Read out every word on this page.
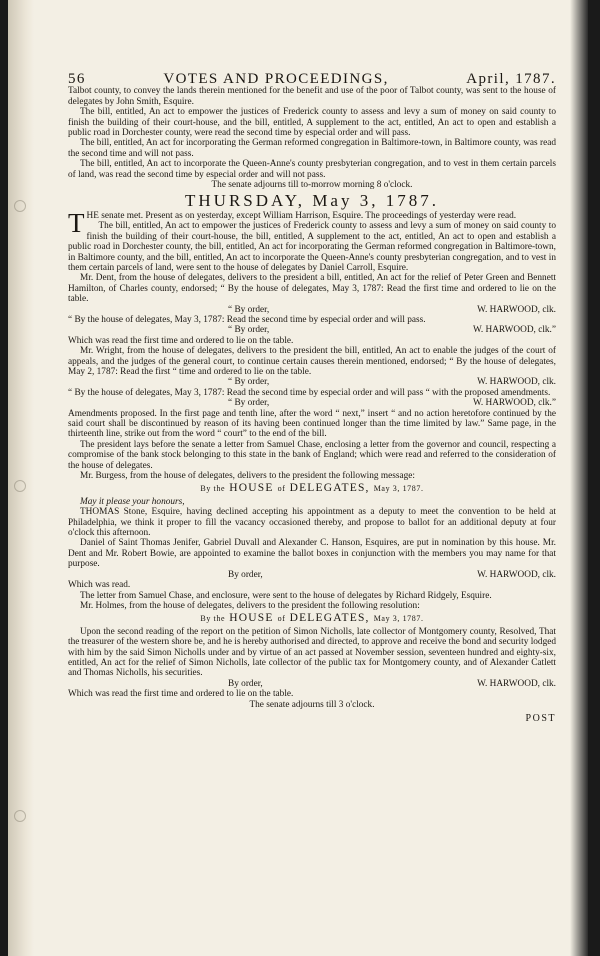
56	VOTES AND PROCEEDINGS,	April, 1787.

Talbot county, to convey the lands therein mentioned for the benefit and use of the poor of Talbot county, was sent to the house of delegates by John Smith, Esquire.

The bill, entitled, An act to empower the justices of Frederick county to assess and levy a sum of money on said county to finish the building of their court-house, and the bill, entitled, A supplement to the act, entitled, An act to open and establish a public road in Dorchester county, were read the second time by especial order and will pass.

The bill, entitled, An act for incorporating the German reformed congregation in Baltimore-town, in Baltimore county, was read the second time and will not pass.

The bill, entitled, An act to incorporate the Queen-Anne's county presbyterian congregation, and to vest in them certain parcels of land, was read the second time by especial order and will not pass.

The senate adjourns till to-morrow morning 8 o'clock.

THURSDAY, May 3, 1787.

T HE senate met. Present as on yesterday, except William Harrison, Esquire. The proceedings of yesterday were read.

The bill, entitled, An act to empower the justices of Frederick county to assess and levy a sum of money on said county to finish the building of their court-house, the bill, entitled, A supplement to the act, entitled, An act to open and establish a public road in Dorchester county, the bill, entitled, An act for incorporating the German reformed congregation in Baltimore-town, in Baltimore county, and the bill, entitled, An act to incorporate the Queen-Anne's county presbyterian congregation, and to vest in them certain parcels of land, were sent to the house of delegates by Daniel Carroll, Esquire.

Mr. Dent, from the house of delegates, delivers to the president a bill, entitled, An act for the relief of Peter Green and Bennett Hamilton, of Charles county, endorsed; “ By the house of delegates, May 3, 1787: Read the first time and ordered to lie on the table.

“ By order,	W. HARWOOD, clk.

“ By the house of delegates, May 3, 1787: Read the second time by especial order and will pass.

“ By order,	W. HARWOOD, clk.”

Which was read the first time and ordered to lie on the table.

Mr. Wright, from the house of delegates, delivers to the president the bill, entitled, An act to enable the judges of the court of appeals, and the judges of the general court, to continue certain causes therein mentioned, endorsed; “ By the house of delegates, May 2, 1787: Read the first “ time and ordered to lie on the table.

“ By order,	W. HARWOOD, clk.

“ By the house of delegates, May 3, 1787: Read the second time by especial order and will pass “ with the proposed amendments.

“ By order,	W. HARWOOD, clk.”

Amendments proposed. In the first page and tenth line, after the word “ next,” insert “ and no action heretofore continued by the said court shall be discontinued by reason of its having been continued longer than the time limited by law.” Same page, in the thirteenth line, strike out from the word “ court” to the end of the bill.

The president lays before the senate a letter from Samuel Chase, enclosing a letter from the governor and council, respecting a compromise of the bank stock belonging to this state in the bank of England; which were read and referred to the consideration of the house of delegates.

Mr. Burgess, from the house of delegates, delivers to the president the following message:

By the HOUSE of DELEGATES, May 3, 1787.

May it please your honours,

THOMAS Stone, Esquire, having declined accepting his appointment as a deputy to meet the convention to be held at Philadelphia, we think it proper to fill the vacancy occasioned thereby, and propose to ballot for an additional deputy at four o'clock this afternoon.

Daniel of Saint Thomas Jenifer, Gabriel Duvall and Alexander C. Hanson, Esquires, are put in nomination by this house. Mr. Dent and Mr. Robert Bowie, are appointed to examine the ballot boxes in conjunction with the members you may name for that purpose.

By order,	W. HARWOOD, clk.

Which was read.

The letter from Samuel Chase, and enclosure, were sent to the house of delegates by Richard Ridgely, Esquire.

Mr. Holmes, from the house of delegates, delivers to the president the following resolution:

By the HOUSE of DELEGATES, May 3, 1787.

Upon the second reading of the report on the petition of Simon Nicholls, late collector of Montgomery county, Resolved, That the treasurer of the western shore be, and he is hereby authorised and directed, to approve and receive the bond and security lodged with him by the said Simon Nicholls under and by virtue of an act passed at November session, seventeen hundred and eighty-six, entitled, An act for the relief of Simon Nicholls, late collector of the public tax for Montgomery county, and of Alexander Catlett and Thomas Nicholls, his securities.

By order,	W. HARWOOD, clk.

Which was read the first time and ordered to lie on the table.

The senate adjourns till 3 o'clock.

POST
